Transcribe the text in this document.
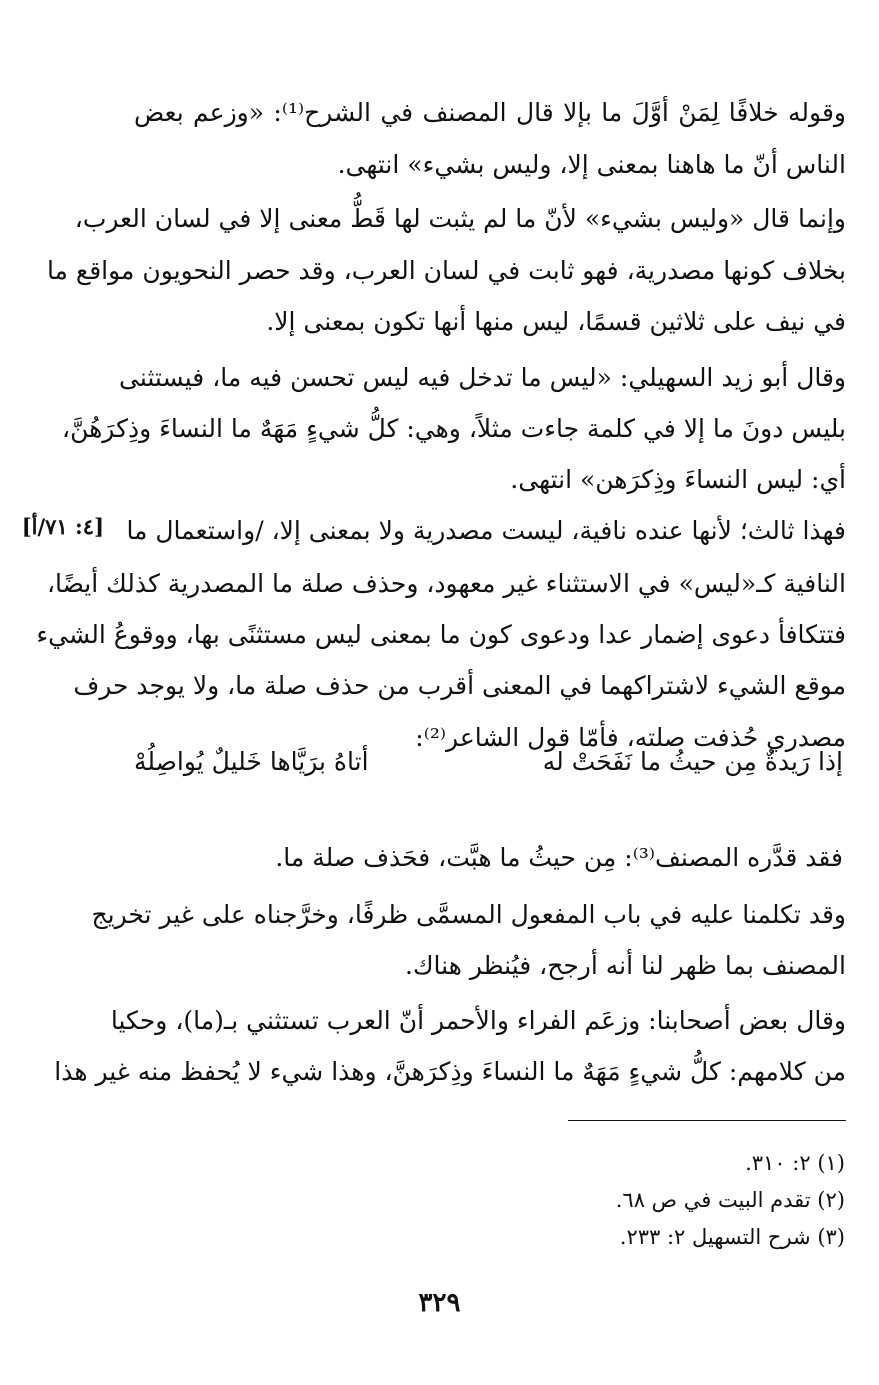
وقوله خلافًا لِمَنْ أوَّلَ ما بإلا قال المصنف في الشرح⁽¹⁾: «وزعم بعض
الناس أنّ ما هاهنا بمعنى إلا، وليس بشيء» انتهى.
وإنما قال «وليس بشيء» لأنّ ما لم يثبت لها قَطُّ معنى إلا في لسان العرب،
بخلاف كونها مصدرية، فهو ثابت في لسان العرب، وقد حصر النحويون مواقع ما
في نيف على ثلاثين قسمًا، ليس منها أنها تكون بمعنى إلا.
وقال أبو زيد السهيلي: «ليس ما تدخل فيه ليس تحسن فيه ما، فيستثنى
بليس دونَ ما إلا في كلمة جاءت مثلاً، وهي: كلُّ شيءٍ مَهَهٌ ما النساءَ وذِكرَهُنَّ،
أي: ليس النساءَ وذِكرَهن» انتهى.
[٤: ٧١/أ] فهذا ثالث؛ لأنها عنده نافية، ليست مصدرية ولا بمعنى إلا، /واستعمال ما
النافية كـ«ليس» في الاستثناء غير معهود، وحذف صلة ما المصدرية كذلك أيضًا،
فتتكافأ دعوى إضمار عدا ودعوى كون ما بمعنى ليس مستثنًى بها، ووقوعُ الشيء
موقع الشيء لاشتراكهما في المعنى أقرب من حذف صلة ما، ولا يوجد حرف
مصدري حُذفت صلته، فأمّا قول الشاعر⁽²⁾:
إذا رَيدةٌ مِن حيثُ ما نَفَحَتْ له
أتاهُ برَيَّاها خَليلٌ يُواصِلُهْ
فقد قدَّره المصنف⁽³⁾: مِن حيثُ ما هبَّت، فحَذف صلة ما.
وقد تكلمنا عليه في باب المفعول المسمَّى ظرفًا، وخرَّجناه على غير تخريج
المصنف بما ظهر لنا أنه أرجح، فيُنظر هناك.
وقال بعض أصحابنا: وزعَم الفراء والأحمر أنّ العرب تستثني بـ(ما)، وحكيا
من كلامهم: كلُّ شيءٍ مَهَهٌ ما النساءَ وذِكرَهنَّ، وهذا شيء لا يُحفظ منه غير هذا
(١) ٢: ٣١٠.
(٢) تقدم البيت في ص ٦٨.
(٣) شرح التسهيل ٢: ٢٣٣.
٣٢٩
